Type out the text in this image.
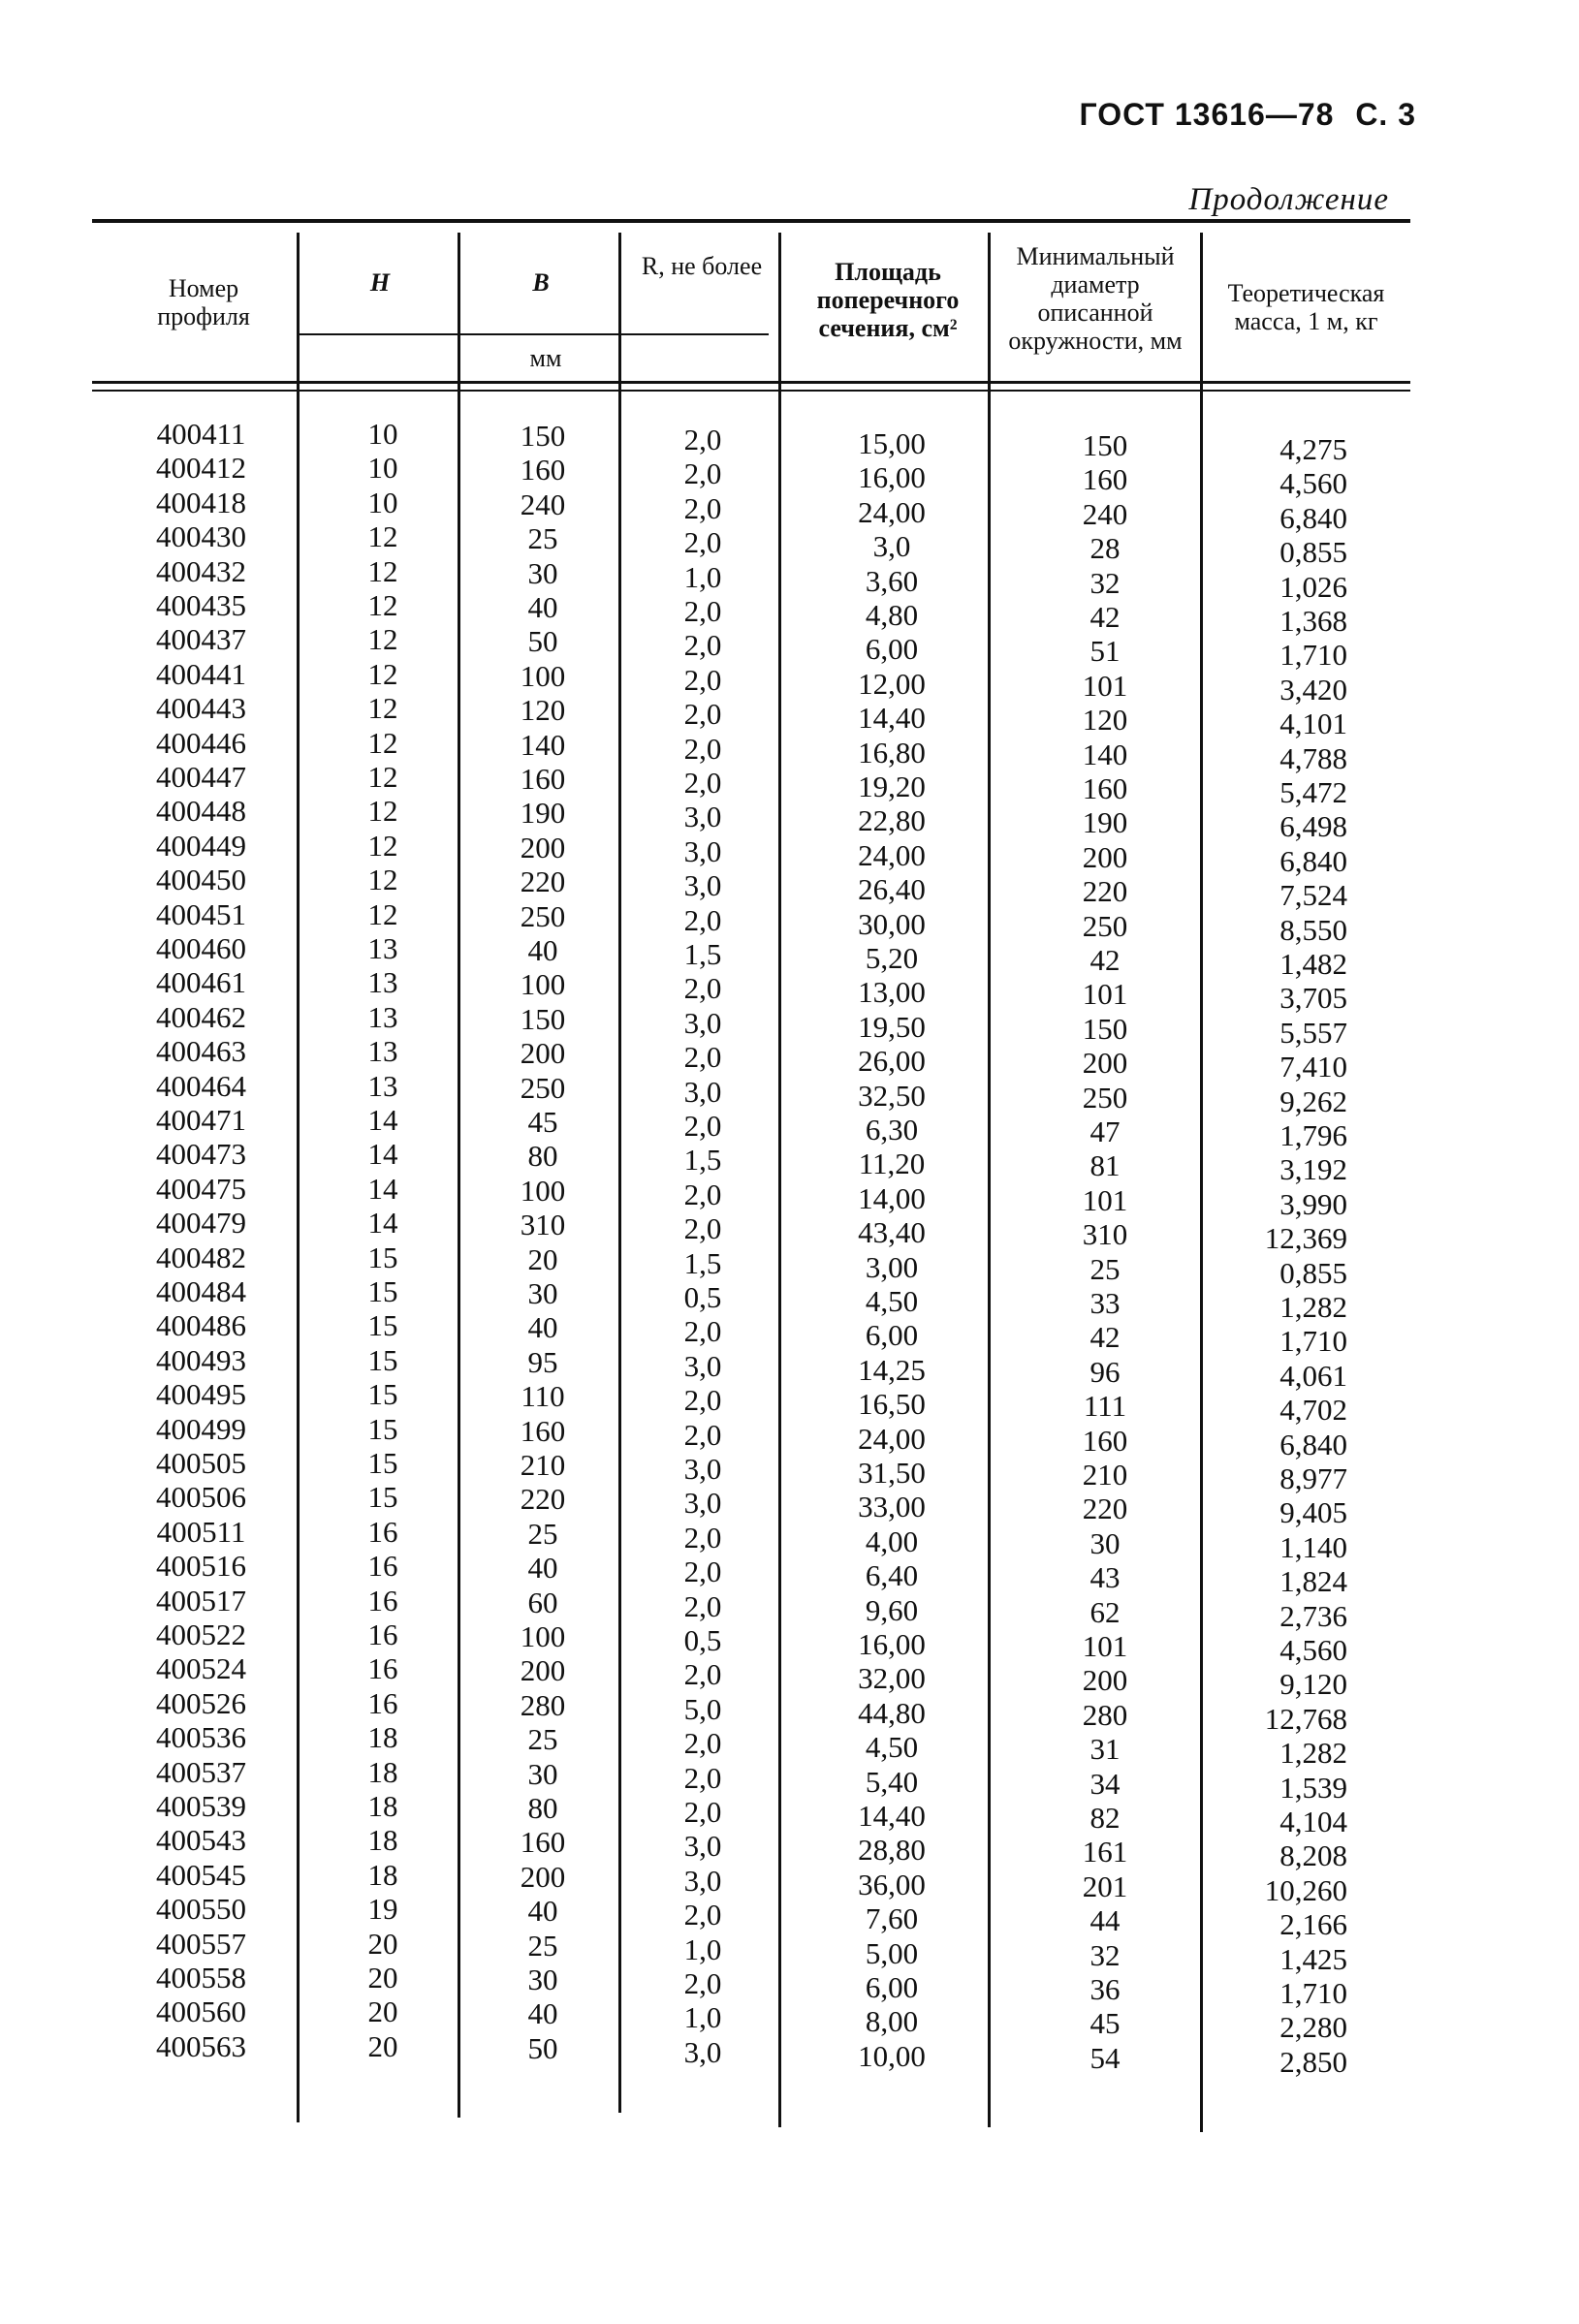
ГОСТ 13616—78 С. 3
Продолжение
Номер профиля
H	B
R, не более
мм
Площадь поперечного сечения, см²
Минимальный диаметр описанной окружности, мм
Теоретическая масса, 1 м, кг
400411	10	150	2,0	15,00	150	4,275
400412	10	160	2,0	16,00	160	4,560
400418	10	240	2,0	24,00	240	6,840
400430	12	25	2,0	3,0	28	0,855
400432	12	30	1,0	3,60	32	1,026
400435	12	40	2,0	4,80	42	1,368
400437	12	50	2,0	6,00	51	1,710
400441	12	100	2,0	12,00	101	3,420
400443	12	120	2,0	14,40	120	4,101
400446	12	140	2,0	16,80	140	4,788
400447	12	160	2,0	19,20	160	5,472
400448	12	190	3,0	22,80	190	6,498
400449	12	200	3,0	24,00	200	6,840
400450	12	220	3,0	26,40	220	7,524
400451	12	250	2,0	30,00	250	8,550
400460	13	40	1,5	5,20	42	1,482
400461	13	100	2,0	13,00	101	3,705
400462	13	150	3,0	19,50	150	5,557
400463	13	200	2,0	26,00	200	7,410
400464	13	250	3,0	32,50	250	9,262
400471	14	45	2,0	6,30	47	1,796
400473	14	80	1,5	11,20	81	3,192
400475	14	100	2,0	14,00	101	3,990
400479	14	310	2,0	43,40	310	12,369
400482	15	20	1,5	3,00	25	0,855
400484	15	30	0,5	4,50	33	1,282
400486	15	40	2,0	6,00	42	1,710
400493	15	95	3,0	14,25	96	4,061
400495	15	110	2,0	16,50	111	4,702
400499	15	160	2,0	24,00	160	6,840
400505	15	210	3,0	31,50	210	8,977
400506	15	220	3,0	33,00	220	9,405
400511	16	25	2,0	4,00	30	1,140
400516	16	40	2,0	6,40	43	1,824
400517	16	60	2,0	9,60	62	2,736
400522	16	100	0,5	16,00	101	4,560
400524	16	200	2,0	32,00	200	9,120
400526	16	280	5,0	44,80	280	12,768
400536	18	25	2,0	4,50	31	1,282
400537	18	30	2,0	5,40	34	1,539
400539	18	80	2,0	14,40	82	4,104
400543	18	160	3,0	28,80	161	8,208
400545	18	200	3,0	36,00	201	10,260
400550	19	40	2,0	7,60	44	2,166
400557	20	25	1,0	5,00	32	1,425
400558	20	30	2,0	6,00	36	1,710
400560	20	40	1,0	8,00	45	2,280
400563	20	50	3,0	10,00	54	2,850
